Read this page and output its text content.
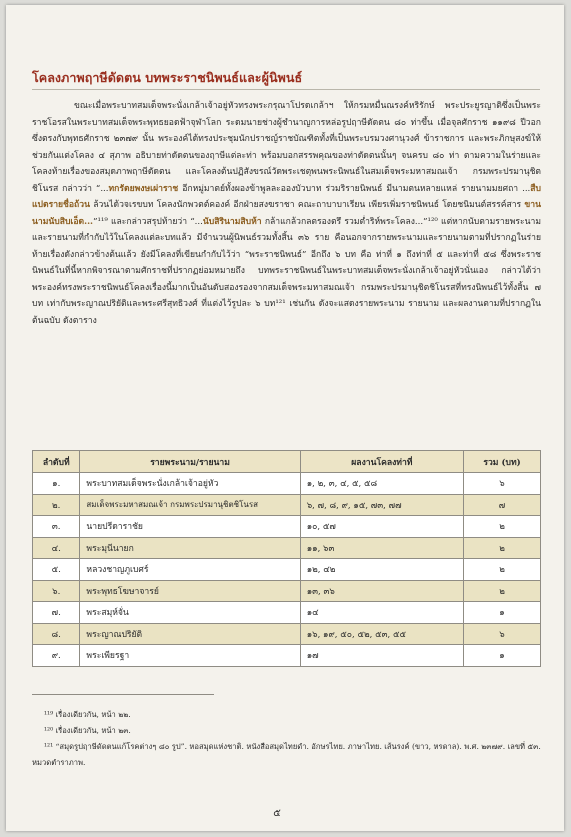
โคลงภาพฤาษีดัดตน บทพระราชนิพนธ์และผู้นิพนธ์

ขณะเมื่อพระบาทสมเด็จพระนั่งเกล้าเจ้าอยู่หัวทรงพระกรุณาโปรดเกล้าฯ ให้กรมหมื่นณรงค์หริรักษ์ พระประยูรญาติซึ่งเป็นพระราชโอรสในพระบาทสมเด็จพระพุทธยอดฟ้าจุฬาโลก ระดมนายช่างผู้ชำนาญการหล่อรูปฤาษีดัดตน ๘๐ ท่าขึ้น เมื่อจุลศักราช ๑๑๙๘ ปีวอก ซึ่งตรงกับพุทธศักราช ๒๓๗๙ นั้น พระองค์ได้ทรงประชุมนักปราชญ์ราชบัณฑิตทั้งที่เป็นพระบรมวงศานุวงศ์ ข้าราชการ และพระภิกษุสงฆ์ให้ช่วยกันแต่งโคลง ๔ สุภาพ อธิบายท่าดัดตนของฤาษีแต่ละท่า พร้อมบอกสรรพคุณของท่าดัดตนนั้นๆ จนครบ ๘๐ ท่า ตามความในร่ายและโคลงท้ายเรื่องของสมุดภาพฤาษีดัดตน และโคลงต้นปฏิสังขรณ์วัดพระเชตุพนพระนิพนธ์ในสมเด็จพระมหาสมณเจ้า กรมพระปรมานุชิตชิโนรส กล่าวว่า “...ทกรัตยพงษเผ่าราช อีกหมู่มาตย์ทั้งผองข้าพูลละอองบัวบาท ร่วมริรายนิพนธ์ มีนามตนหลายแหล่ รายนามมยศถา ...สืบแปตรายชื่อถ้วน ล้วนได้วจเรขบท โคลงนักพวตต์คองค์ อีกฝ่ายสงฆราชา คณะถาบาบาเรียน เพียรเพิ่มราชนิพนธ์ โดยชนิมนต์สรรค์สาร ขานนามนับสิบเอ็ด...”¹¹⁹ และกล่าวสรุปท้ายว่า “...นับสิรินามสิบห้า กล้าแกล้วกลตรองตรึ รวมต่ำริห์พระโคลง...”¹²⁰ แต่หากนับตามรายพระนามและรายนามที่กำกับไว้ในโคลงแต่ละบทแล้ว มีจำนวนผู้นิพนธ์รวมทั้งสิ้น ๓๖ ราย คือนอกจากรายพระนามและรายนามตามที่ปรากฏในร่ายท้ายเรื่องดังกล่าวข้างต้นแล้ว ยังมีโคลงที่เขียนกำกับไว้ว่า “พระราชนิพนธ์” อีกถึง ๖ บท คือ ท่าที่ ๑ ถึงท่าที่ ๕ และท่าที่ ๕๘ ซึ่งพระราชนิพนธ์ในที่นี้หากพิจารณาตามศักราชที่ปรากฏย่อมหมายถึง บทพระราชนิพนธ์ในพระบาทสมเด็จพระนั่งเกล้าเจ้าอยู่หัวนั่นเอง กล่าวได้ว่าพระองค์ทรงพระราชนิพนธ์โคลงเรื่องนี้มากเป็นอันดับสองรองจากสมเด็จพระมหาสมณเจ้า กรมพระปรมานุชิตชิโนรสที่ทรงนิพนธ์ไว้ทั้งสิ้น ๗ บท เท่ากับพระญาณปริยัติและพระศรีสุทธิวงศ์ ที่แต่งไว้รูปละ ๖ บท¹²¹ เช่นกัน ดังจะแสดงรายพระนาม รายนาม และผลงานตามที่ปรากฏในต้นฉบับ ดังตาราง

ลำดับที่	รายพระนาม/รายนาม	ผลงานโคลงท่าที่	รวม (บท)
๑.	พระบาทสมเด็จพระนั่งเกล้าเจ้าอยู่หัว	๑, ๒, ๓, ๔, ๕, ๕๘	๖
๒.	สมเด็จพระมหาสมณเจ้า กรมพระปรมานุชิตชิโนรส	๖, ๗, ๘, ๙, ๑๕, ๗๓, ๗๗	๗
๓.	นายปรีดาราชัย	๑๐, ๕๗	๒
๔.	พระมุนีนายก	๑๑, ๖๓	๒
๕.	หลวงชาญภูเบศร์	๑๒, ๔๒	๒
๖.	พระพุทธโฆษาจารย์	๑๓, ๓๖	๒
๗.	พระสมุห์จั่น	๑๔	๑
๘.	พระญาณปริยัติ	๑๖, ๑๙, ๕๐, ๕๒, ๕๓, ๕๕	๖
๙.	พระเพียรฐา	๑๗	๑
¹¹⁹ เรื่องเดียวกัน, หน้า ๒๒.
¹²⁰ เรื่องเดียวกัน, หน้า ๒๓.
¹²¹ “สมุดรูปฤาษีดัดตนแก้โรคต่างๆ ๘๐ รูป”. หอสมุดแห่งชาติ. หนังสือสมุดไทยดำ. อักษรไทย. ภาษาไทย. เส้นรงค์ (ขาว, หรดาล). พ.ศ. ๒๓๗๙. เลขที่ ๕๓. หมวดตำราภาพ.
๕
